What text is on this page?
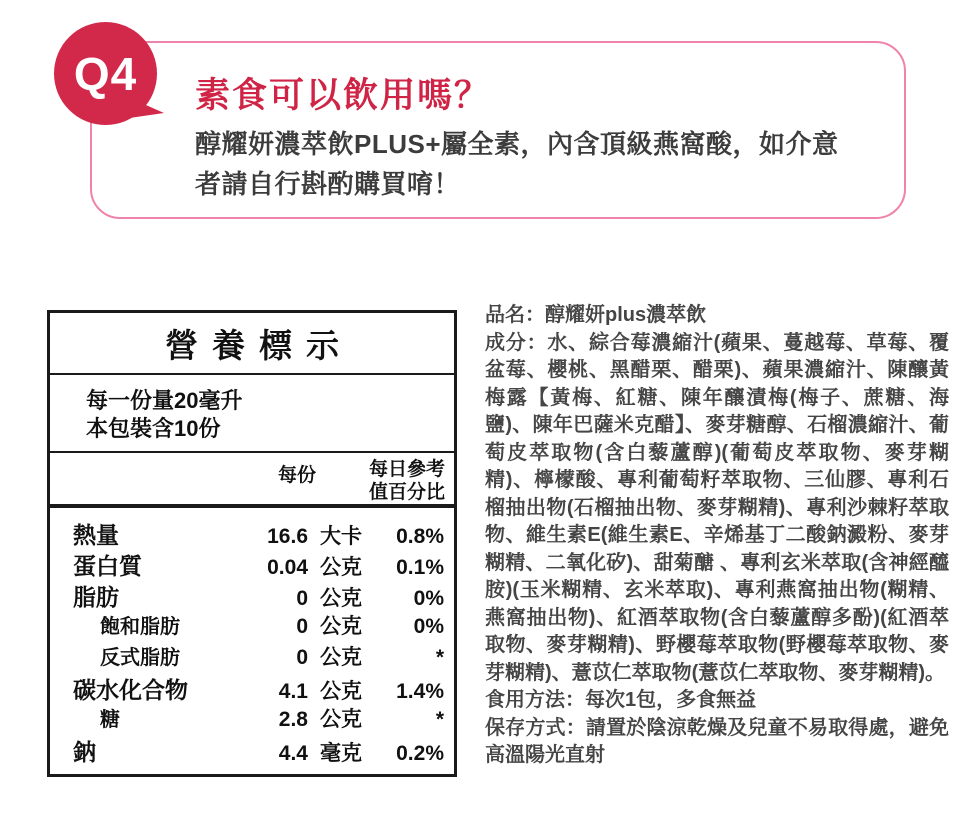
Q4	素食可以飲用嗎？
醇耀妍濃萃飲PLUS+屬全素，內含頂級燕窩酸，如介意者請自行斟酌購買唷！
營養標示
每一份量20毫升
本包裝含10份
每份	每日參考
值百分比
熱量	16.6 大卡	0.8%
蛋白質	0.04 公克	0.1%
脂肪	0 公克	0%
飽和脂肪	0 公克	0%
反式脂肪	0 公克	*
碳水化合物	4.1 公克	1.4%
糖	2.8 公克	*
鈉	4.4 毫克	0.2%
品名：醇耀妍plus濃萃飲
成分：水、綜合莓濃縮汁(蘋果、蔓越莓、草莓、覆盆莓、櫻桃、黑醋栗、醋栗)、蘋果濃縮汁、陳釀黃梅露【黃梅、紅糖、陳年釀漬梅(梅子、蔗糖、海鹽)、陳年巴薩米克醋】、麥芽糖醇、石榴濃縮汁、葡萄皮萃取物(含白藜蘆醇)(葡萄皮萃取物、麥芽糊精)、檸檬酸、專利葡萄籽萃取物、三仙膠、專利石榴抽出物(石榴抽出物、麥芽糊精)、專利沙棘籽萃取物、維生素E(維生素E、辛烯基丁二酸鈉澱粉、麥芽糊精、二氧化矽)、甜菊醣 、專利玄米萃取(含神經醯胺)(玉米糊精、玄米萃取)、專利燕窩抽出物(糊精、燕窩抽出物)、紅酒萃取物(含白藜蘆醇多酚)(紅酒萃取物、麥芽糊精)、野櫻莓萃取物(野櫻莓萃取物、麥芽糊精)、薏苡仁萃取物(薏苡仁萃取物、麥芽糊精)。
食用方法：每次1包，多食無益
保存方式：請置於陰涼乾燥及兒童不易取得處，避免高溫陽光直射
